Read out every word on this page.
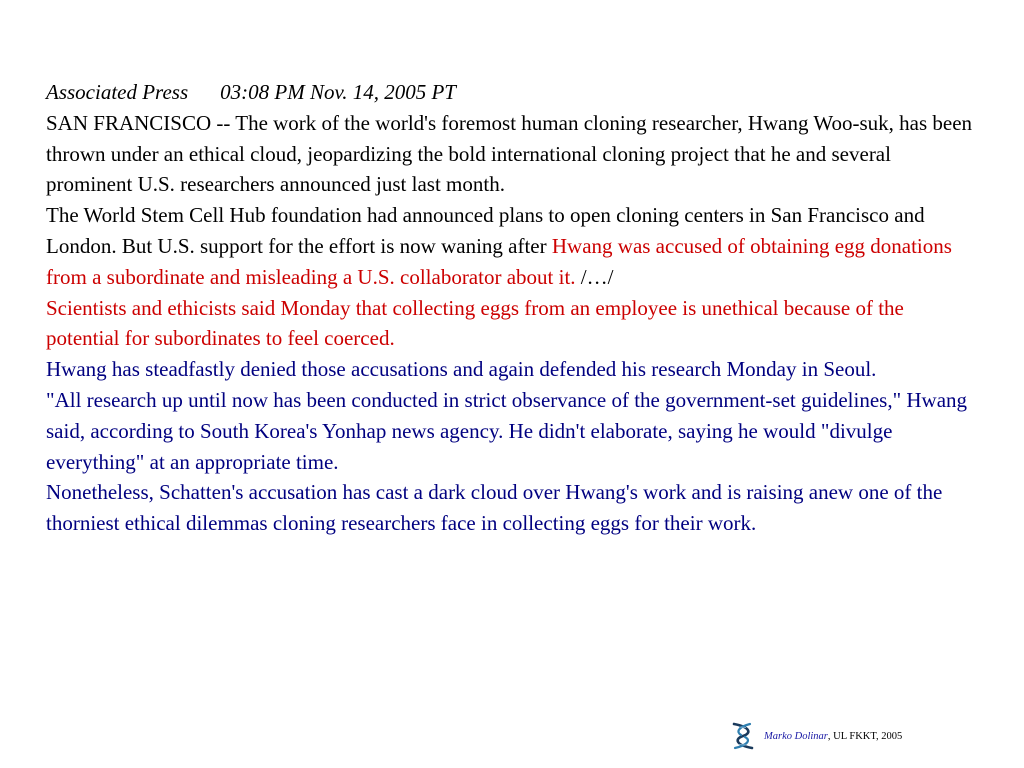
Associated Press 03:08 PM Nov. 14, 2005 PT

SAN FRANCISCO -- The work of the world's foremost human cloning researcher, Hwang Woo-suk, has been thrown under an ethical cloud, jeopardizing the bold international cloning project that he and several prominent U.S. researchers announced just last month.

The World Stem Cell Hub foundation had announced plans to open cloning centers in San Francisco and London. But U.S. support for the effort is now waning after Hwang was accused of obtaining egg donations from a subordinate and misleading a U.S. collaborator about it. /…/

Scientists and ethicists said Monday that collecting eggs from an employee is unethical because of the potential for subordinates to feel coerced.

Hwang has steadfastly denied those accusations and again defended his research Monday in Seoul.

"All research up until now has been conducted in strict observance of the government-set guidelines," Hwang said, according to South Korea's Yonhap news agency. He didn't elaborate, saying he would "divulge everything" at an appropriate time.

Nonetheless, Schatten's accusation has cast a dark cloud over Hwang's work and is raising anew one of the thorniest ethical dilemmas cloning researchers face in collecting eggs for their work.

Marko Dolinar , UL FKKT, 2005
